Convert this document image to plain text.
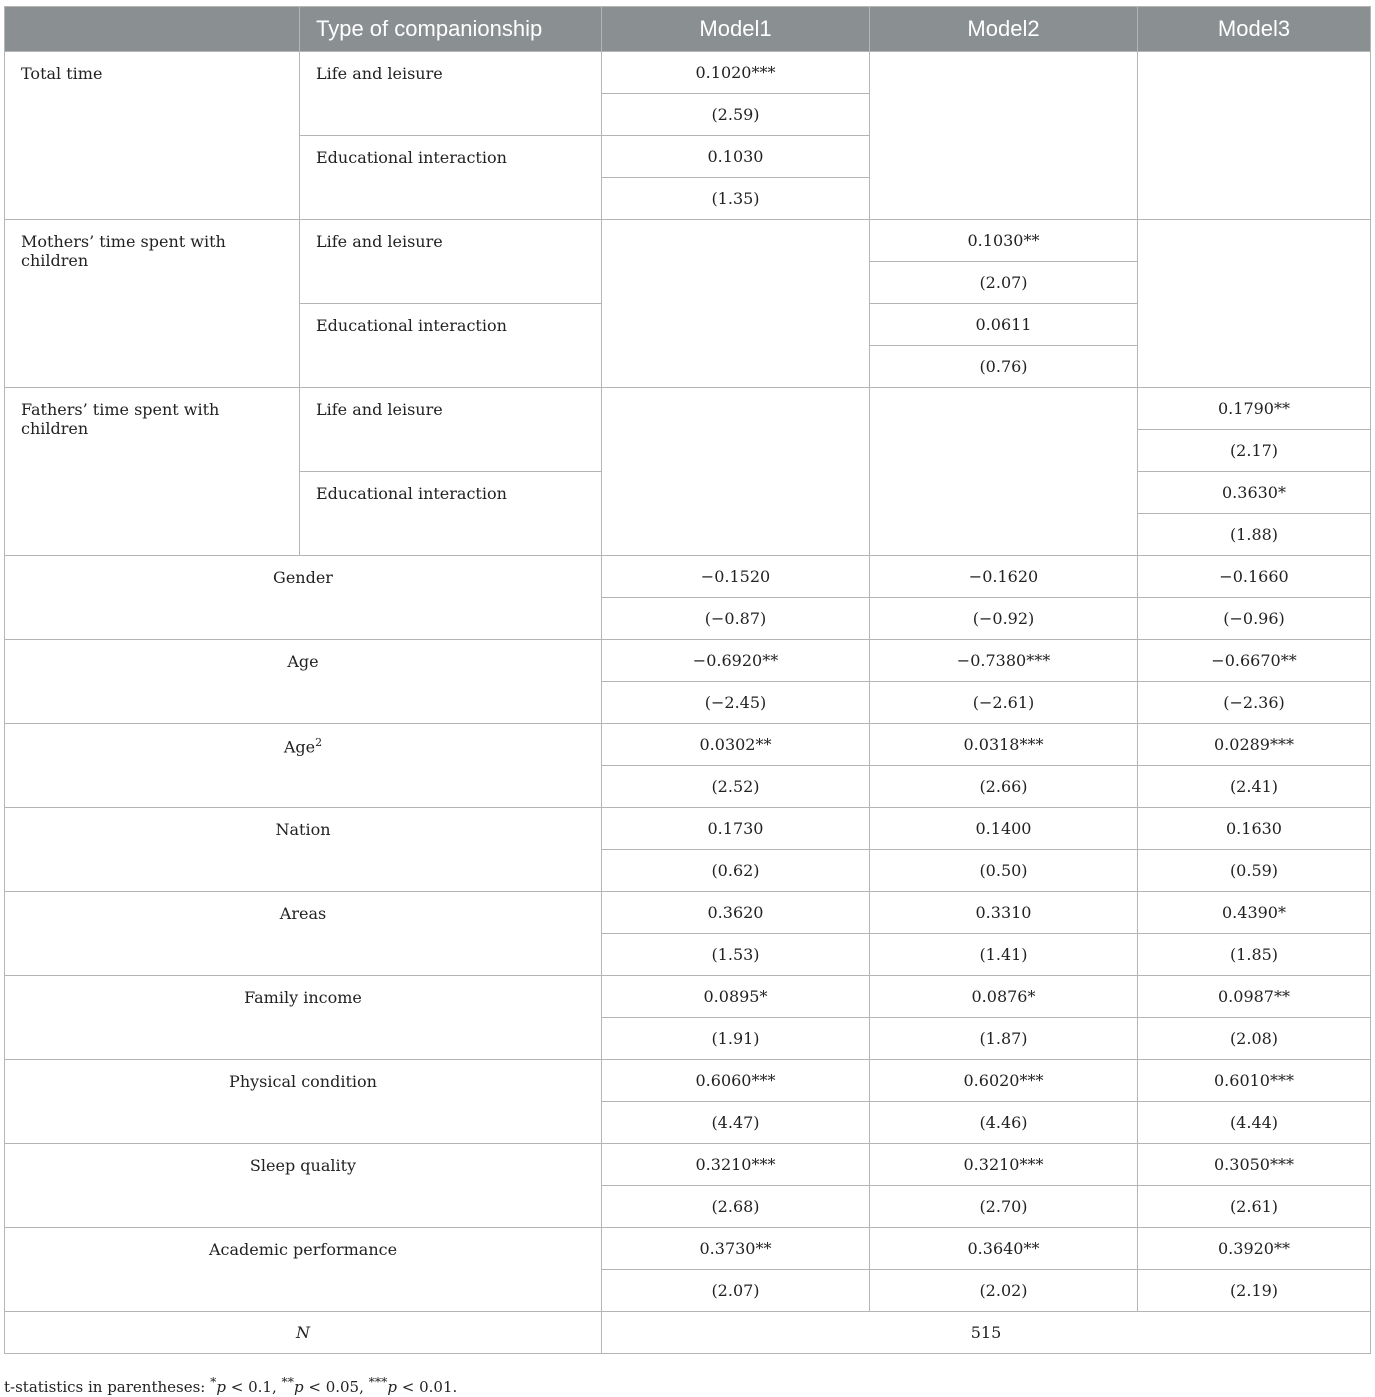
	Type of companionship	Model1	Model2	Model3
Total time	Life and leisure	0.1020***		
		(2.59)		
	Educational interaction	0.1030		
		(1.35)		
Mothers’ time spent with children	Life and leisure		0.1030**	
			(2.07)	
	Educational interaction		0.0611	
			(0.76)	
Fathers’ time spent with children	Life and leisure			0.1790**
				(2.17)
	Educational interaction			0.3630*
				(1.88)
Gender		−0.1520	−0.1620	−0.1660
		(−0.87)	(−0.92)	(−0.96)
Age		−0.6920**	−0.7380***	−0.6670**
		(−2.45)	(−2.61)	(−2.36)
Age$^2$		0.0302**	0.0318***	0.0289***
		(2.52)	(2.66)	(2.41)
Nation		0.1730	0.1400	0.1630
		(0.62)	(0.50)	(0.59)
Areas		0.3620	0.3310	0.4390*
		(1.53)	(1.41)	(1.85)
Family income		0.0895*	0.0876*	0.0987**
		(1.91)	(1.87)	(2.08)
Physical condition		0.6060***	0.6020***	0.6010***
		(4.47)	(4.46)	(4.44)
Sleep quality		0.3210***	0.3210***	0.3050***
		(2.68)	(2.70)	(2.61)
Academic performance		0.3730**	0.3640**	0.3920**
		(2.07)	(2.02)	(2.19)
N		515		
t-statistics in parentheses: *p < 0.1, **p < 0.05, ***p < 0.01.
